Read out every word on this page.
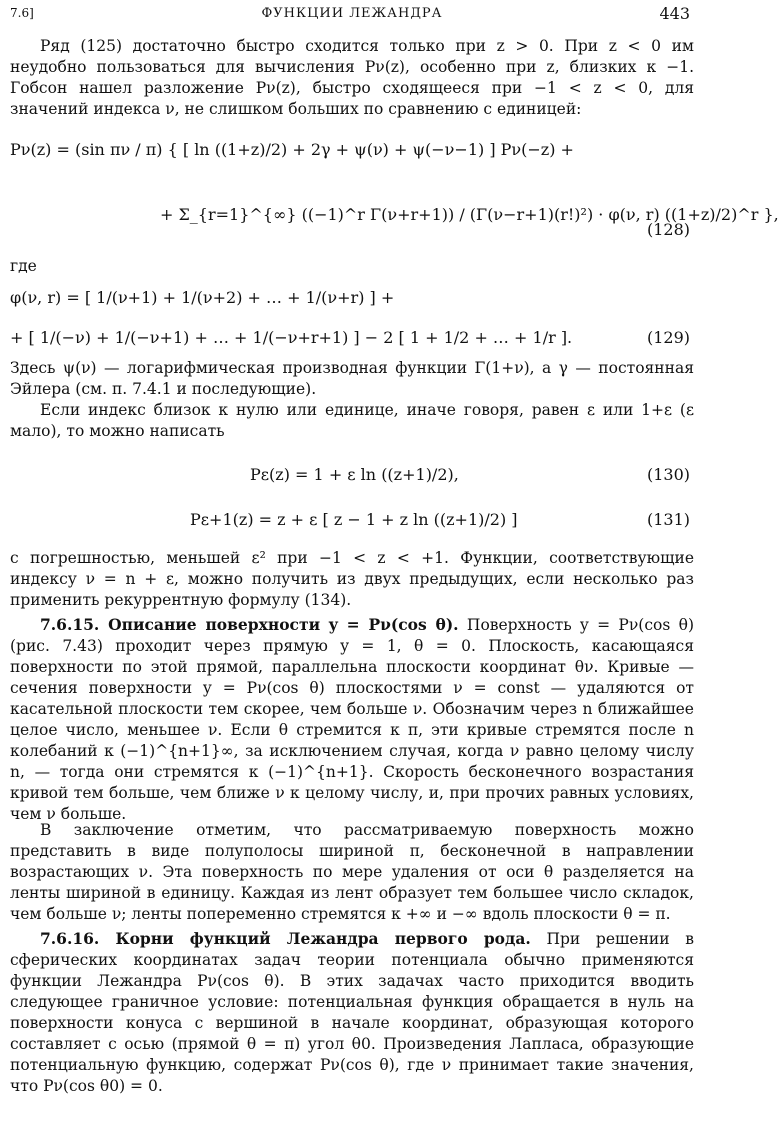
7.6]	ФУНКЦИИ ЛЕЖАНДРА	443

Ряд (125) достаточно быстро сходится только при z > 0. При z < 0 им неудобно пользоваться для вычисления Pν(z), особенно при z, близких к −1. Гобсон нашел разложение Pν(z), быстро сходящееся при −1 < z < 0, для значений индекса ν, не слишком больших по сравнению с единицей:

Pν(z) = (sin πν / π) { [ ln ((1+z)/2) + 2γ + ψ(ν) + ψ(−ν−1) ] Pν(−z) +
+ Σ_{r=1}^{∞} ((−1)^r Γ(ν+r+1)) / (Γ(ν−r+1)(r!)²) · φ(ν, r) ((1+z)/2)^r },
(128)
где
φ(ν, r) = [ 1/(ν+1) + 1/(ν+2) + … + 1/(ν+r) ] +
+ [ 1/(−ν) + 1/(−ν+1) + … + 1/(−ν+r+1) ] − 2 [ 1 + 1/2 + … + 1/r ].	(129)

Здесь ψ(ν) — логарифмическая производная функции Γ(1+ν), а γ — постоянная Эйлера (см. п. 7.4.1 и последующие).

Если индекс близок к нулю или единице, иначе говоря, равен ε или 1+ε (ε мало), то можно написать

Pε(z) = 1 + ε ln ((z+1)/2),	(130)
Pε+1(z) = z + ε [ z − 1 + z ln ((z+1)/2) ]	(131)

с погрешностью, меньшей ε² при −1 < z < +1. Функции, соответствующие индексу ν = n + ε, можно получить из двух предыдущих, если несколько раз применить рекуррентную формулу (134).

7.6.15. Описание поверхности y = Pν(cos θ). Поверхность y = Pν(cos θ) (рис. 7.43) проходит через прямую y = 1, θ = 0. Плоскость, касающаяся поверхности по этой прямой, параллельна плоскости координат θν. Кривые — сечения поверхности y = Pν(cos θ) плоскостями ν = const — удаляются от касательной плоскости тем скорее, чем больше ν. Обозначим через n ближайшее целое число, меньшее ν. Если θ стремится к π, эти кривые стремятся после n колебаний к (−1)^{n+1}∞, за исключением случая, когда ν равно целому числу n, — тогда они стремятся к (−1)^{n+1}. Скорость бесконечного возрастания кривой тем больше, чем ближе ν к целому числу, и, при прочих равных условиях, чем ν больше.

В заключение отметим, что рассматриваемую поверхность можно представить в виде полуполосы шириной π, бесконечной в направлении возрастающих ν. Эта поверхность по мере удаления от оси θ разделяется на ленты шириной в единицу. Каждая из лент образует тем большее число складок, чем больше ν; ленты попеременно стремятся к +∞ и −∞ вдоль плоскости θ = π.

7.6.16. Корни функций Лежандра первого рода. При решении в сферических координатах задач теории потенциала обычно применяются функции Лежандра Pν(cos θ). В этих задачах часто приходится вводить следующее граничное условие: потенциальная функция обращается в нуль на поверхности конуса с вершиной в начале координат, образующая которого составляет с осью (прямой θ = π) угол θ0. Произведения Лапласа, образующие потенциальную функцию, содержат Pν(cos θ), где ν принимает такие значения, что Pν(cos θ0) = 0.
